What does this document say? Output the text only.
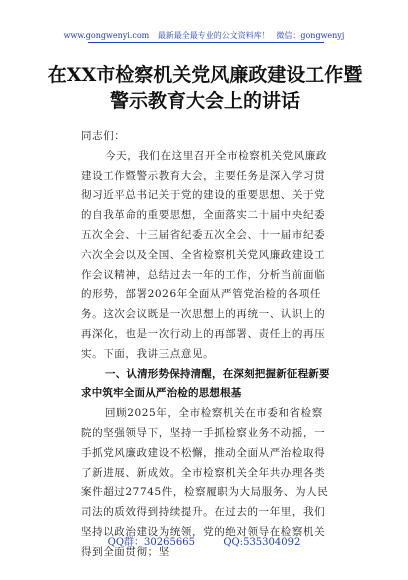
www.gongwenyi.com 最新最全最专业的公文资料库！ 微信：gongwenyj
在XX市检察机关党风廉政建设工作暨警示教育大会上的讲话

同志们：

今天，我们在这里召开全市检察机关党风廉政建设工作暨警示教育大会，主要任务是深入学习贯彻习近平总书记关于党的建设的重要思想、关于党的自我革命的重要思想，全面落实二十届中央纪委五次全会、十三届省纪委五次全会、十一届市纪委六次全会以及全国、全省检察机关党风廉政建设工作会议精神，总结过去一年的工作，分析当前面临的形势，部署2026年全面从严管党治检的各项任务。这次会议既是一次思想上的再统一、认识上的再深化，也是一次行动上的再部署、责任上的再压实。下面，我讲三点意见。

一、认清形势保持清醒，在深刻把握新征程新要求中筑牢全面从严治检的思想根基

回顾2025年，全市检察机关在市委和省检察院的坚强领导下，坚持一手抓检察业务不动摇，一手抓党风廉政建设不松懈，推动全面从严治检取得了新进展、新成效。全市检察机关全年共办理各类案件超过27745件，检察履职为大局服务、为人民司法的质效得到持续提升。在过去的一年里，我们坚持以政治建设为统领，党的绝对领导在检察机关得到全面贯彻；坚

QQ群：30265665	QQ:535304092
